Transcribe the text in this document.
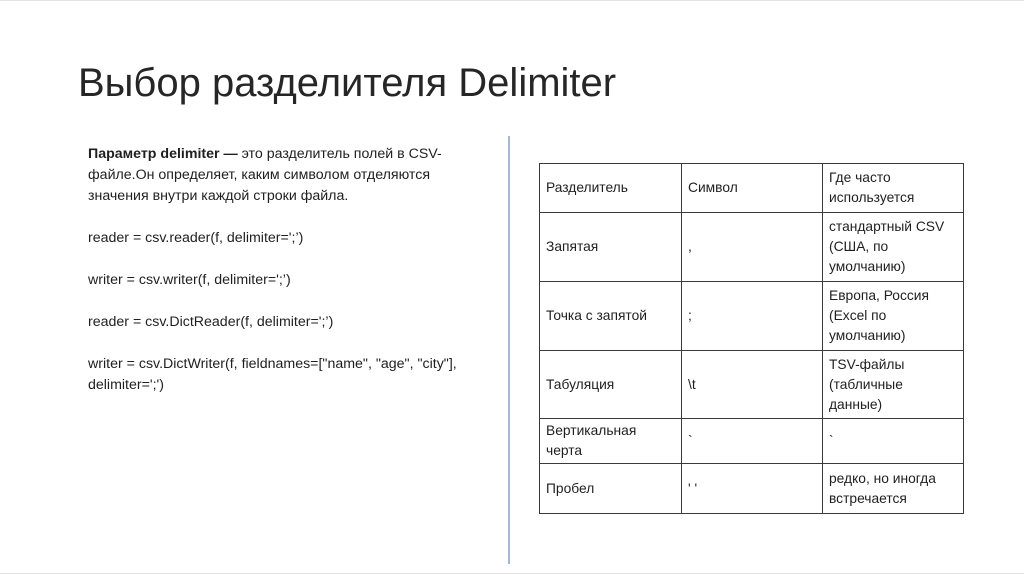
Выбор разделителя Delimiter

Параметр delimiter — это разделитель полей в CSV-файле.Он определяет, каким символом отделяются значения внутри каждой строки файла.

reader = csv.reader(f, delimiter=';’)

writer = csv.writer(f, delimiter=';’)

reader = csv.DictReader(f, delimiter=';’)

writer = csv.DictWriter(f, fieldnames=["name", "age", "city"], delimiter=';')

Разделитель	Символ	Где часто используется
Запятая	,	стандартный CSV (США, по умолчанию)
Точка с запятой	;	Европа, Россия (Excel по умолчанию)
Табуляция	\t	TSV-файлы (табличные данные)
Вертикальная черта	`	`
Пробел	' '	редко, но иногда встречается
